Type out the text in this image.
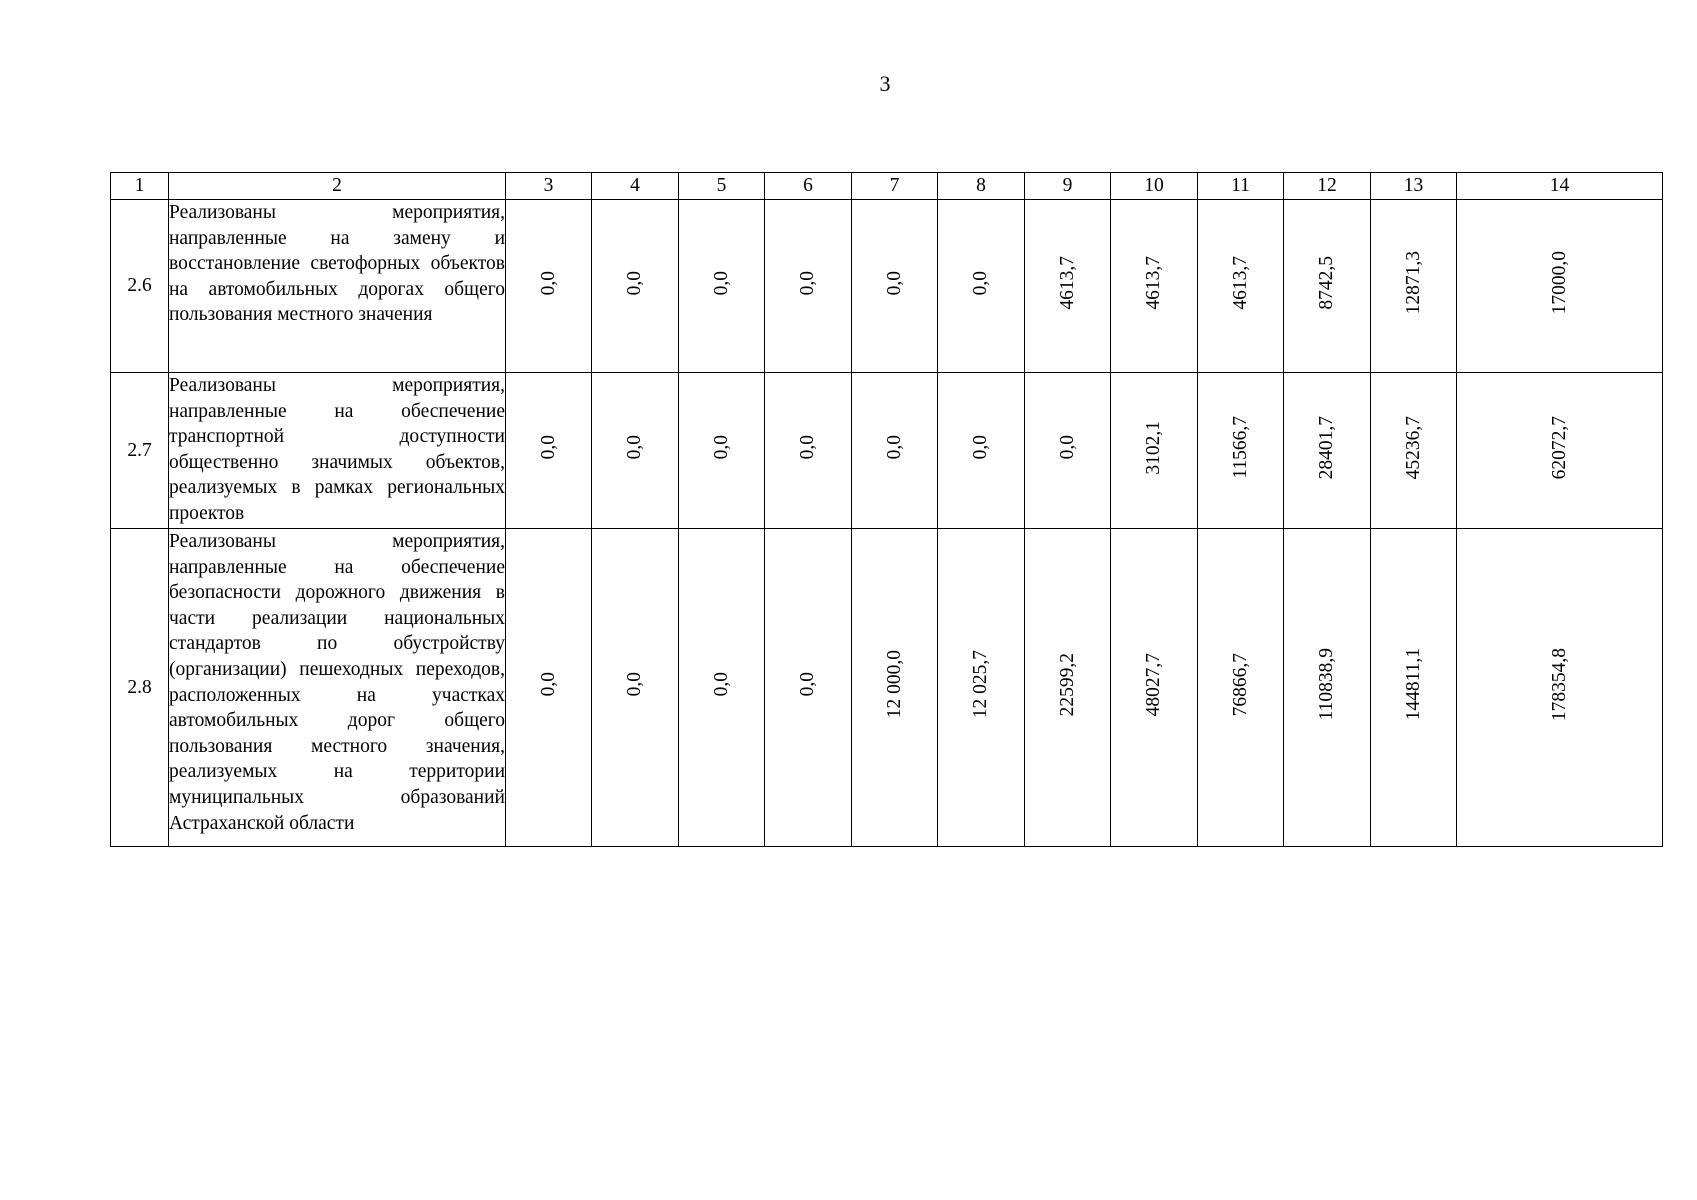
3
1	2	3	4	5	6	7	8	9	10	11	12	13	14
2.6	Реализованы мероприятия, направленные на замену и восстановление светофорных объектов на автомобильных дорогах общего пользования местного значения	0,0	0,0	0,0	0,0	0,0	0,0	4613,7	4613,7	4613,7	8742,5	12871,3	17000,0
2.7	Реализованы мероприятия, направленные на обеспечение транспортной доступности общественно значимых объектов, реализуемых в рамках региональных проектов	0,0	0,0	0,0	0,0	0,0	0,0	0,0	3102,1	11566,7	28401,7	45236,7	62072,7
2.8	Реализованы мероприятия, направленные на обеспечение безопасности дорожного движения в части реализации национальных стандартов по обустройству (организации) пешеходных переходов, расположенных на участках автомобильных дорог общего пользования местного значения, реализуемых на территории муниципальных образований Астраханской области	0,0	0,0	0,0	0,0	12 000,0	12 025,7	22599,2	48027,7	76866,7	110838,9	144811,1	178354,8
